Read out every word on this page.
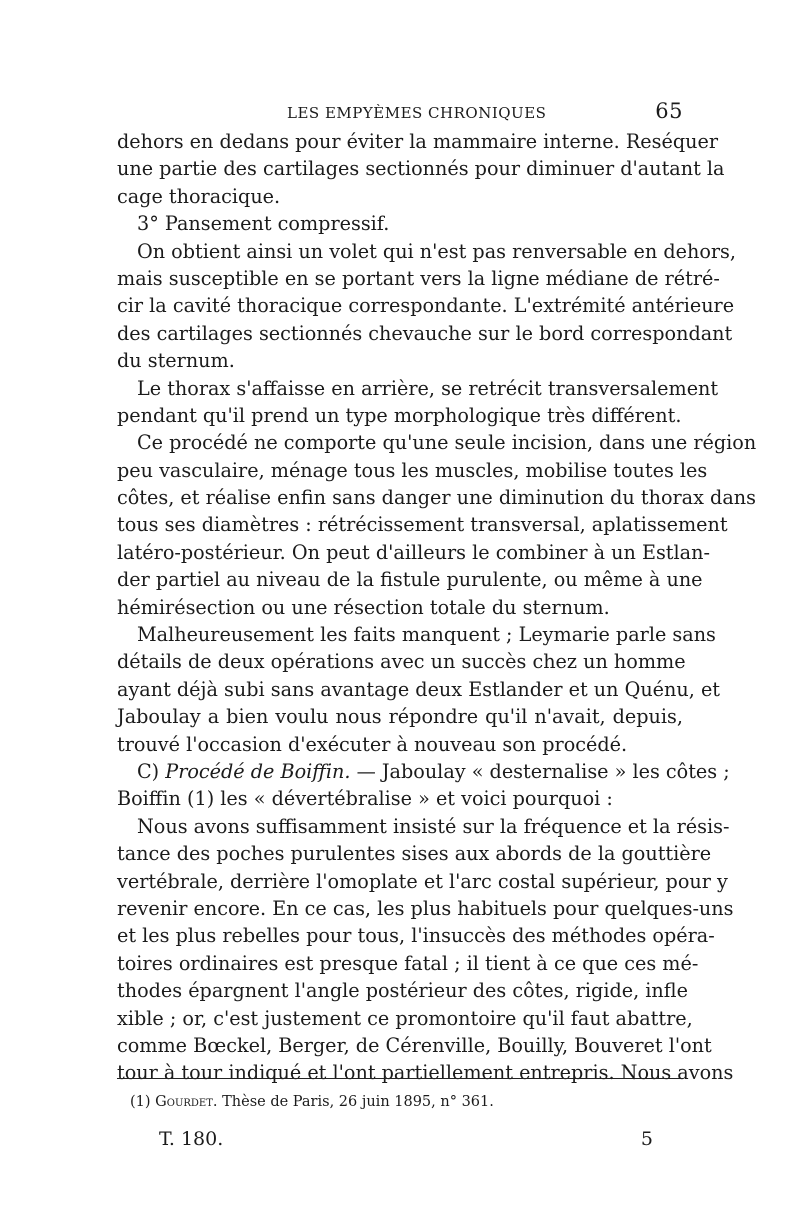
LES EMPYÈMES CHRONIQUES	65
dehors en dedans pour éviter la mammaire interne. Reséquer
une partie des cartilages sectionnés pour diminuer d'autant la
cage thoracique.
3° Pansement compressif.
On obtient ainsi un volet qui n'est pas renversable en dehors,
mais susceptible en se portant vers la ligne médiane de rétré-
cir la cavité thoracique correspondante. L'extrémité antérieure
des cartilages sectionnés chevauche sur le bord correspondant
du sternum.
Le thorax s'affaisse en arrière, se retrécit transversalement
pendant qu'il prend un type morphologique très différent.
Ce procédé ne comporte qu'une seule incision, dans une région
peu vasculaire, ménage tous les muscles, mobilise toutes les
côtes, et réalise enfin sans danger une diminution du thorax dans
tous ses diamètres : rétrécissement transversal, aplatissement
latéro-postérieur. On peut d'ailleurs le combiner à un Estlan-
der partiel au niveau de la fistule purulente, ou même à une
hémirésection ou une résection totale du sternum.
Malheureusement les faits manquent ; Leymarie parle sans
détails de deux opérations avec un succès chez un homme
ayant déjà subi sans avantage deux Estlander et un Quénu, et
Jaboulay a bien voulu nous répondre qu'il n'avait, depuis,
trouvé l'occasion d'exécuter à nouveau son procédé.
C) Procédé de Boiffin. — Jaboulay « desternalise » les côtes ;
Boiffin (1) les « dévertébralise » et voici pourquoi :
Nous avons suffisamment insisté sur la fréquence et la résis-
tance des poches purulentes sises aux abords de la gouttière
vertébrale, derrière l'omoplate et l'arc costal supérieur, pour y
revenir encore. En ce cas, les plus habituels pour quelques-uns
et les plus rebelles pour tous, l'insuccès des méthodes opéra-
toires ordinaires est presque fatal ; il tient à ce que ces mé-
thodes épargnent l'angle postérieur des côtes, rigide, infle
xible ; or, c'est justement ce promontoire qu'il faut abattre,
comme Bœckel, Berger, de Cérenville, Bouilly, Bouveret l'ont
tour à tour indiqué et l'ont partiellement entrepris. Nous avons
(1) Gourdet. Thèse de Paris, 26 juin 1895, n° 361.
T. 180.	5
